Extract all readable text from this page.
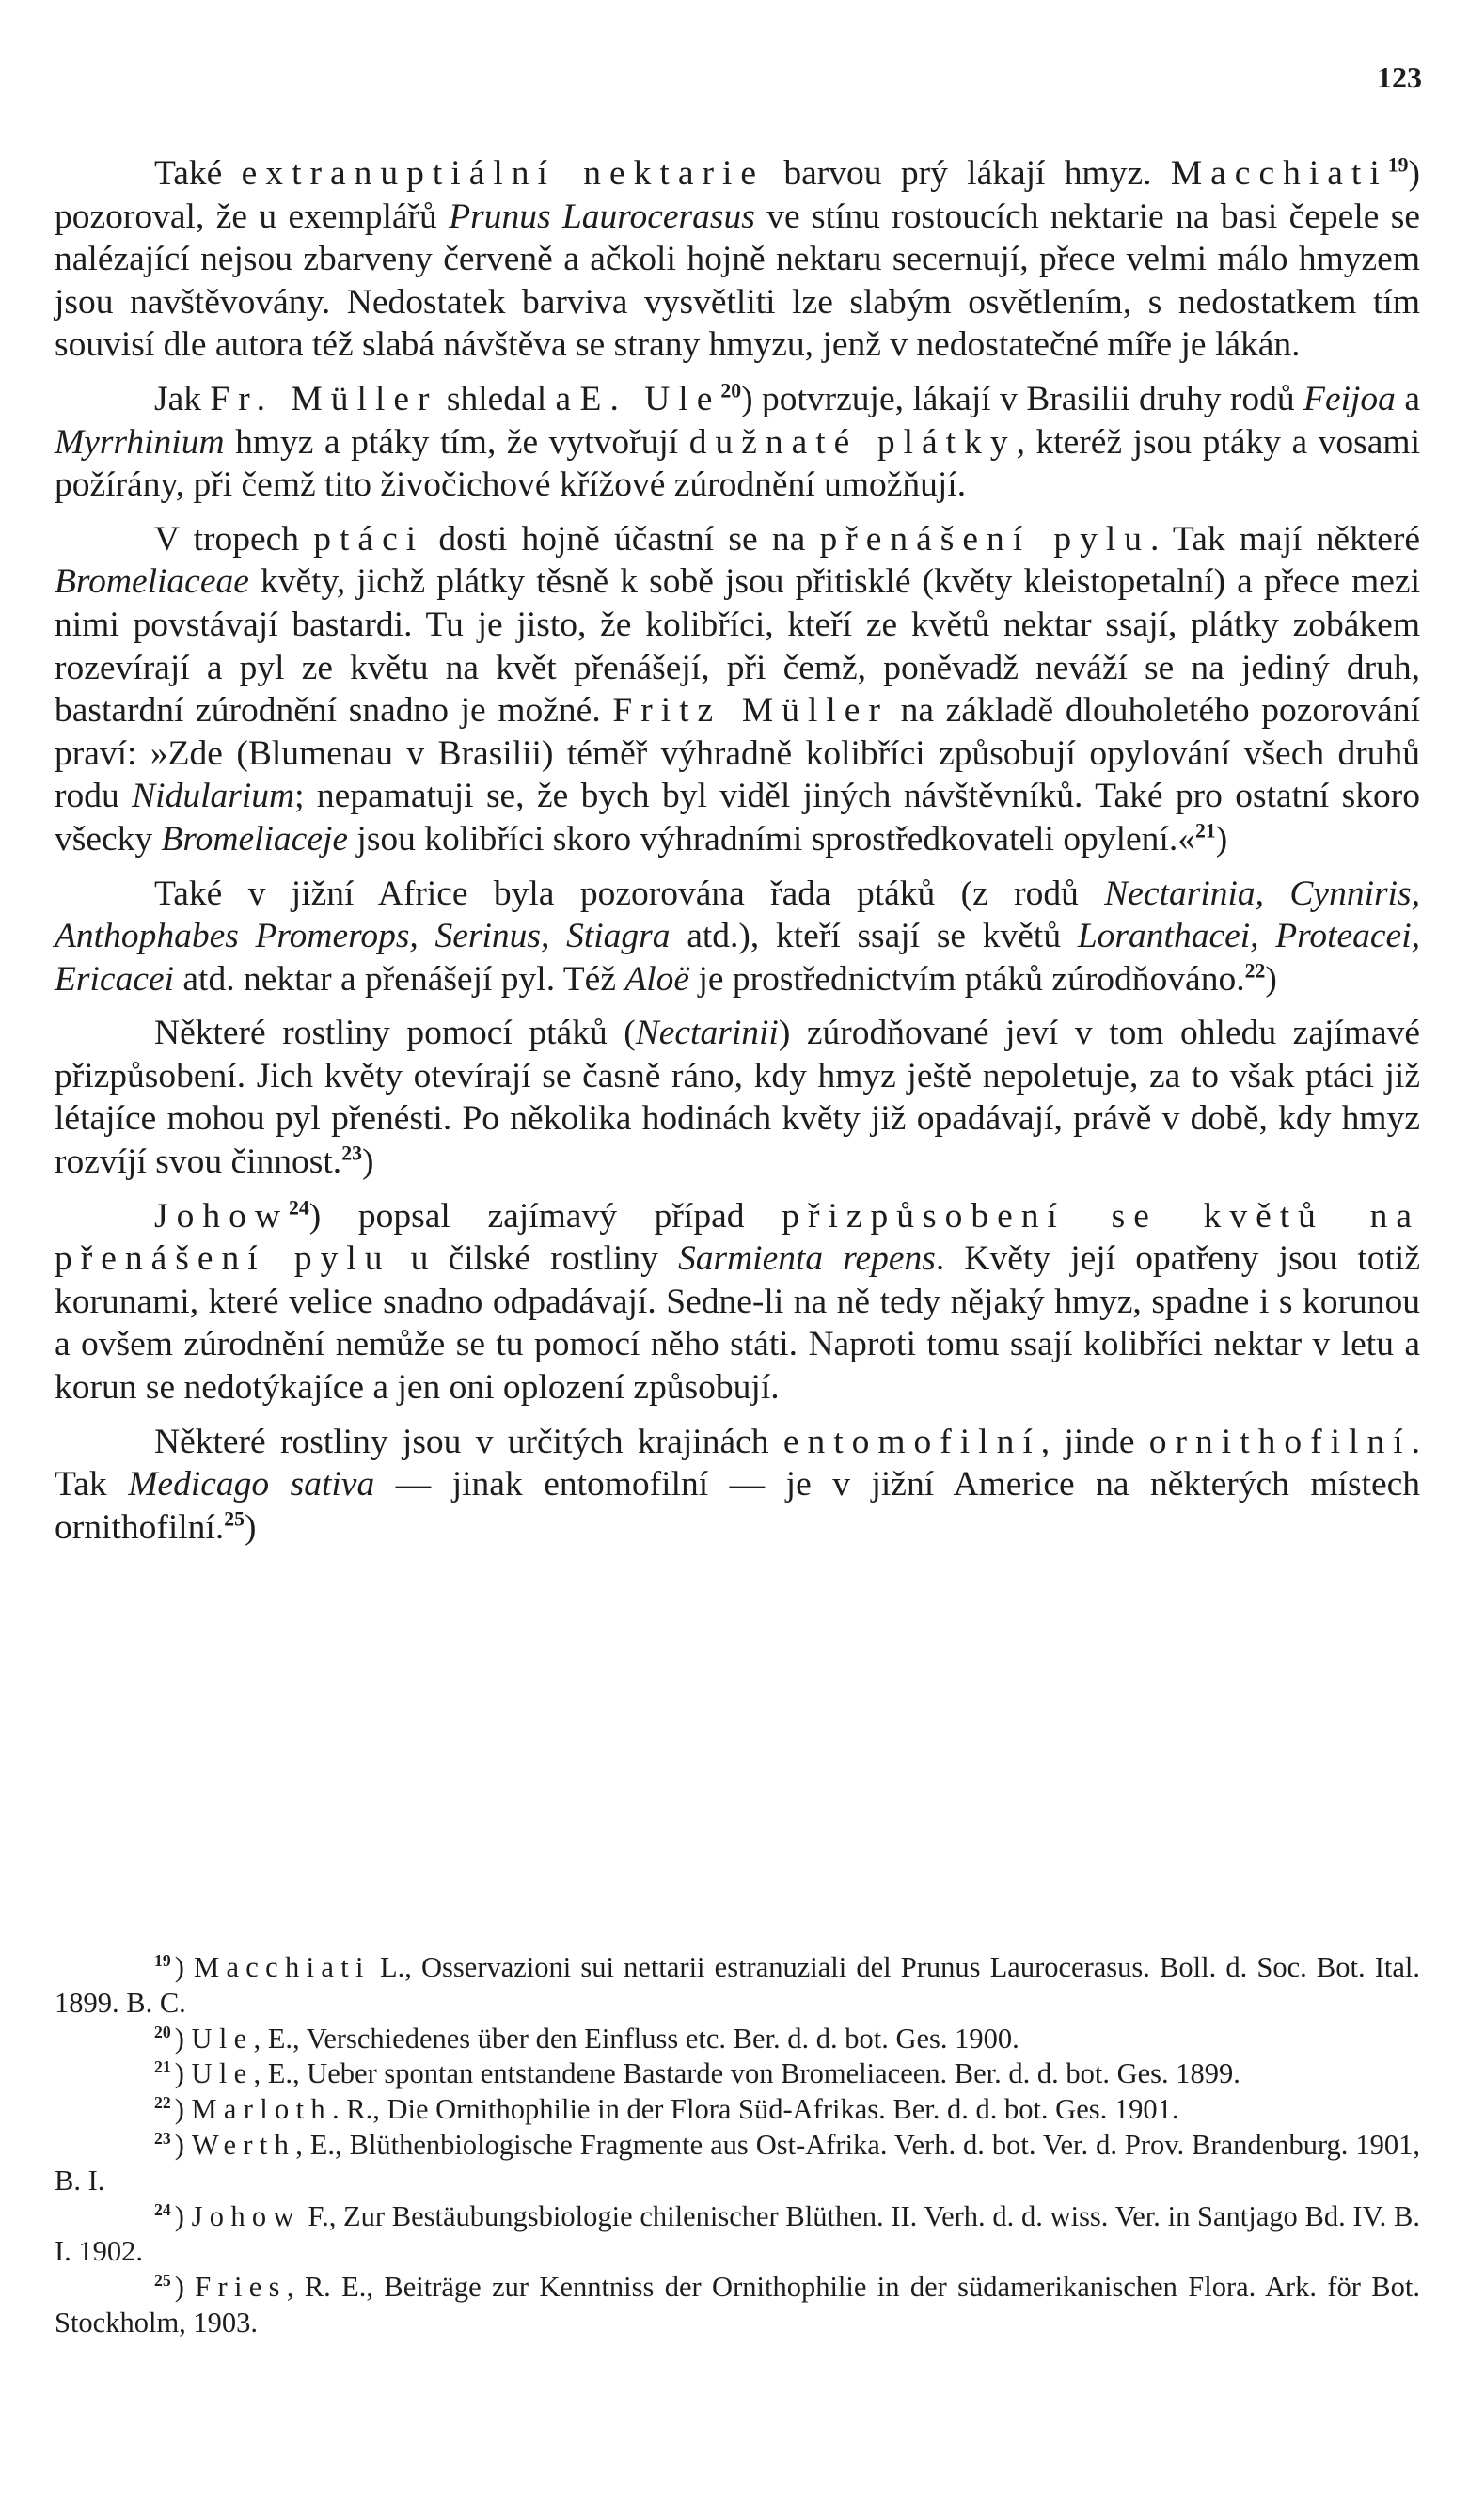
123

Také extranuptiální nektarie barvou prý lákají hmyz. Macchiati$^{19}$) pozoroval, že u exemplářů Prunus Laurocerasus ve stínu rostoucích nektarie na basi čepele se nalézající nejsou zbarveny červeně a ačkoli hojně nektaru secernují, přece velmi málo hmyzem jsou navštěvovány. Nedostatek barviva vysvětliti lze slabým osvětlením, s nedostatkem tím souvisí dle autora též slabá návštěva se strany hmyzu, jenž v nedostatečné míře je lákán.

Jak Fr. Müller shledal a E. Ule$^{20}$) potvrzuje, lákají v Brasilii druhy rodů Feijoa a Myrrhinium hmyz a ptáky tím, že vytvořují dužnaté plátky, kteréž jsou ptáky a vosami požírány, při čemž tito živočichové křížové zúrodnění umožňují.

V tropech ptáci dosti hojně účastní se na přenášení pylu. Tak mají některé Bromeliaceae květy, jichž plátky těsně k sobě jsou přitisklé (květy kleistopetalní) a přece mezi nimi povstávají bastardi. Tu je jisto, že kolibříci, kteří ze květů nektar ssají, plátky zobákem rozevírají a pyl ze květu na květ přenášejí, při čemž, poněvadž neváží se na jediný druh, bastardní zúrodnění snadno je možné. Fritz Müller na základě dlouholetého pozorování praví: »Zde (Blumenau v Brasilii) téměř výhradně kolibříci způsobují opylování všech druhů rodu Nidularium; nepamatuji se, že bych byl viděl jiných návštěvníků. Také pro ostatní skoro všecky Bromeliaceje jsou kolibříci skoro výhradními sprostředkovateli opylení.«$^{21}$)

Také v jižní Africe byla pozorována řada ptáků (z rodů Nectarinia, Cynniris, Anthophabes Promerops, Serinus, Stiagra atd.), kteří ssají se květů Loranthacei, Proteacei, Ericacei atd. nektar a přenášejí pyl. Též Aloë je prostřednictvím ptáků zúrodňováno.$^{22}$)

Některé rostliny pomocí ptáků (Nectarinii) zúrodňované jeví v tom ohledu zajímavé přizpůsobení. Jich květy otevírají se časně ráno, kdy hmyz ještě nepoletuje, za to však ptáci již létajíce mohou pyl přenésti. Po několika hodinách květy již opadávají, právě v době, kdy hmyz rozvíjí svou činnost.$^{23}$)

Johow$^{24}$) popsal zajímavý případ přizpůsobení se květů na přenášení pylu u čilské rostliny Sarmienta repens. Květy její opatřeny jsou totiž korunami, které velice snadno odpadávají. Sedne-li na ně tedy nějaký hmyz, spadne i s korunou a ovšem zúrodnění nemůže se tu pomocí něho státi. Naproti tomu ssají kolibříci nektar v letu a korun se nedotýkajíce a jen oni oplození způsobují.

Některé rostliny jsou v určitých krajinách entomofilní, jinde ornithofilní. Tak Medicago sativa — jinak entomofilní — je v jižní Americe na některých místech ornithofilní.$^{25}$)

$^{19}$ ) Macchiati L., Osservazioni sui nettarii estranuziali del Prunus Laurocerasus. Boll. d. Soc. Bot. Ital. 1899. B. C.

$^{20}$ ) Ule, E., Verschiedenes über den Einfluss etc. Ber. d. d. bot. Ges. 1900.

$^{21}$ ) Ule, E., Ueber spontan entstandene Bastarde von Bromeliaceen. Ber. d. d. bot. Ges. 1899.

$^{22}$ ) Marloth. R., Die Ornithophilie in der Flora Süd-Afrikas. Ber. d. d. bot. Ges. 1901.

$^{23}$ ) Werth, E., Blüthenbiologische Fragmente aus Ost-Afrika. Verh. d. bot. Ver. d. Prov. Brandenburg. 1901, B. I.

$^{24}$ ) Johow F., Zur Bestäubungsbiologie chilenischer Blüthen. II. Verh. d. d. wiss. Ver. in Santjago Bd. IV. B. I. 1902.

$^{25}$ ) Fries, R. E., Beiträge zur Kenntniss der Ornithophilie in der südamerikanischen Flora. Ark. för Bot. Stockholm, 1903.
